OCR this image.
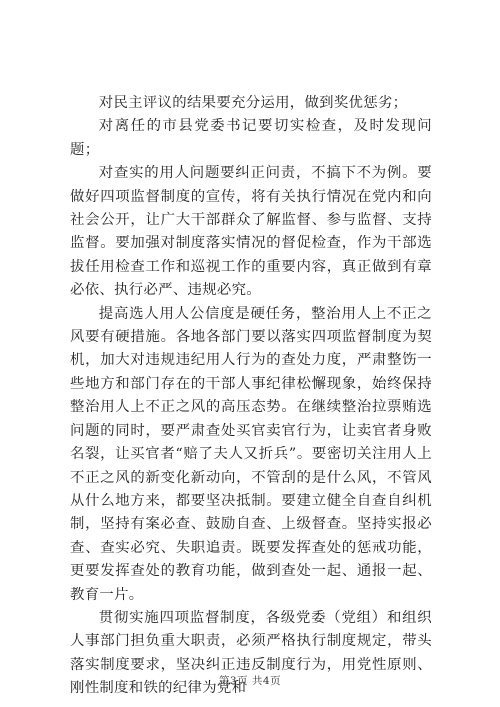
对民主评议的结果要充分运用，做到奖优惩劣；

对离任的市县党委书记要切实检查，及时发现问题；

对查实的用人问题要纠正问责，不搞下不为例。要做好四项监督制度的宣传，将有关执行情况在党内和向社会公开，让广大干部群众了解监督、参与监督、支持监督。要加强对制度落实情况的督促检查，作为干部选拔任用检查工作和巡视工作的重要内容，真正做到有章必依、执行必严、违规必究。

提高选人用人公信度是硬任务，整治用人上不正之风要有硬措施。各地各部门要以落实四项监督制度为契机，加大对违规违纪用人行为的查处力度，严肃整饬一些地方和部门存在的干部人事纪律松懈现象，始终保持整治用人上不正之风的高压态势。在继续整治拉票贿选问题的同时，要严肃查处买官卖官行为，让卖官者身败名裂，让买官者“赔了夫人又折兵”。要密切关注用人上不正之风的新变化新动向，不管刮的是什么风，不管风从什么地方来，都要坚决抵制。要建立健全自查自纠机制，坚持有案必查、鼓励自查、上级督查。坚持实报必查、查实必究、失职追责。既要发挥查处的惩戒功能，更要发挥查处的教育功能，做到查处一起、通报一起、教育一片。

贯彻实施四项监督制度，各级党委（党组）和组织人事部门担负重大职责，必须严格执行制度规定，带头落实制度要求，坚决纠正违反制度行为，用党性原则、刚性制度和铁的纪律为党和

第3页 共4页
